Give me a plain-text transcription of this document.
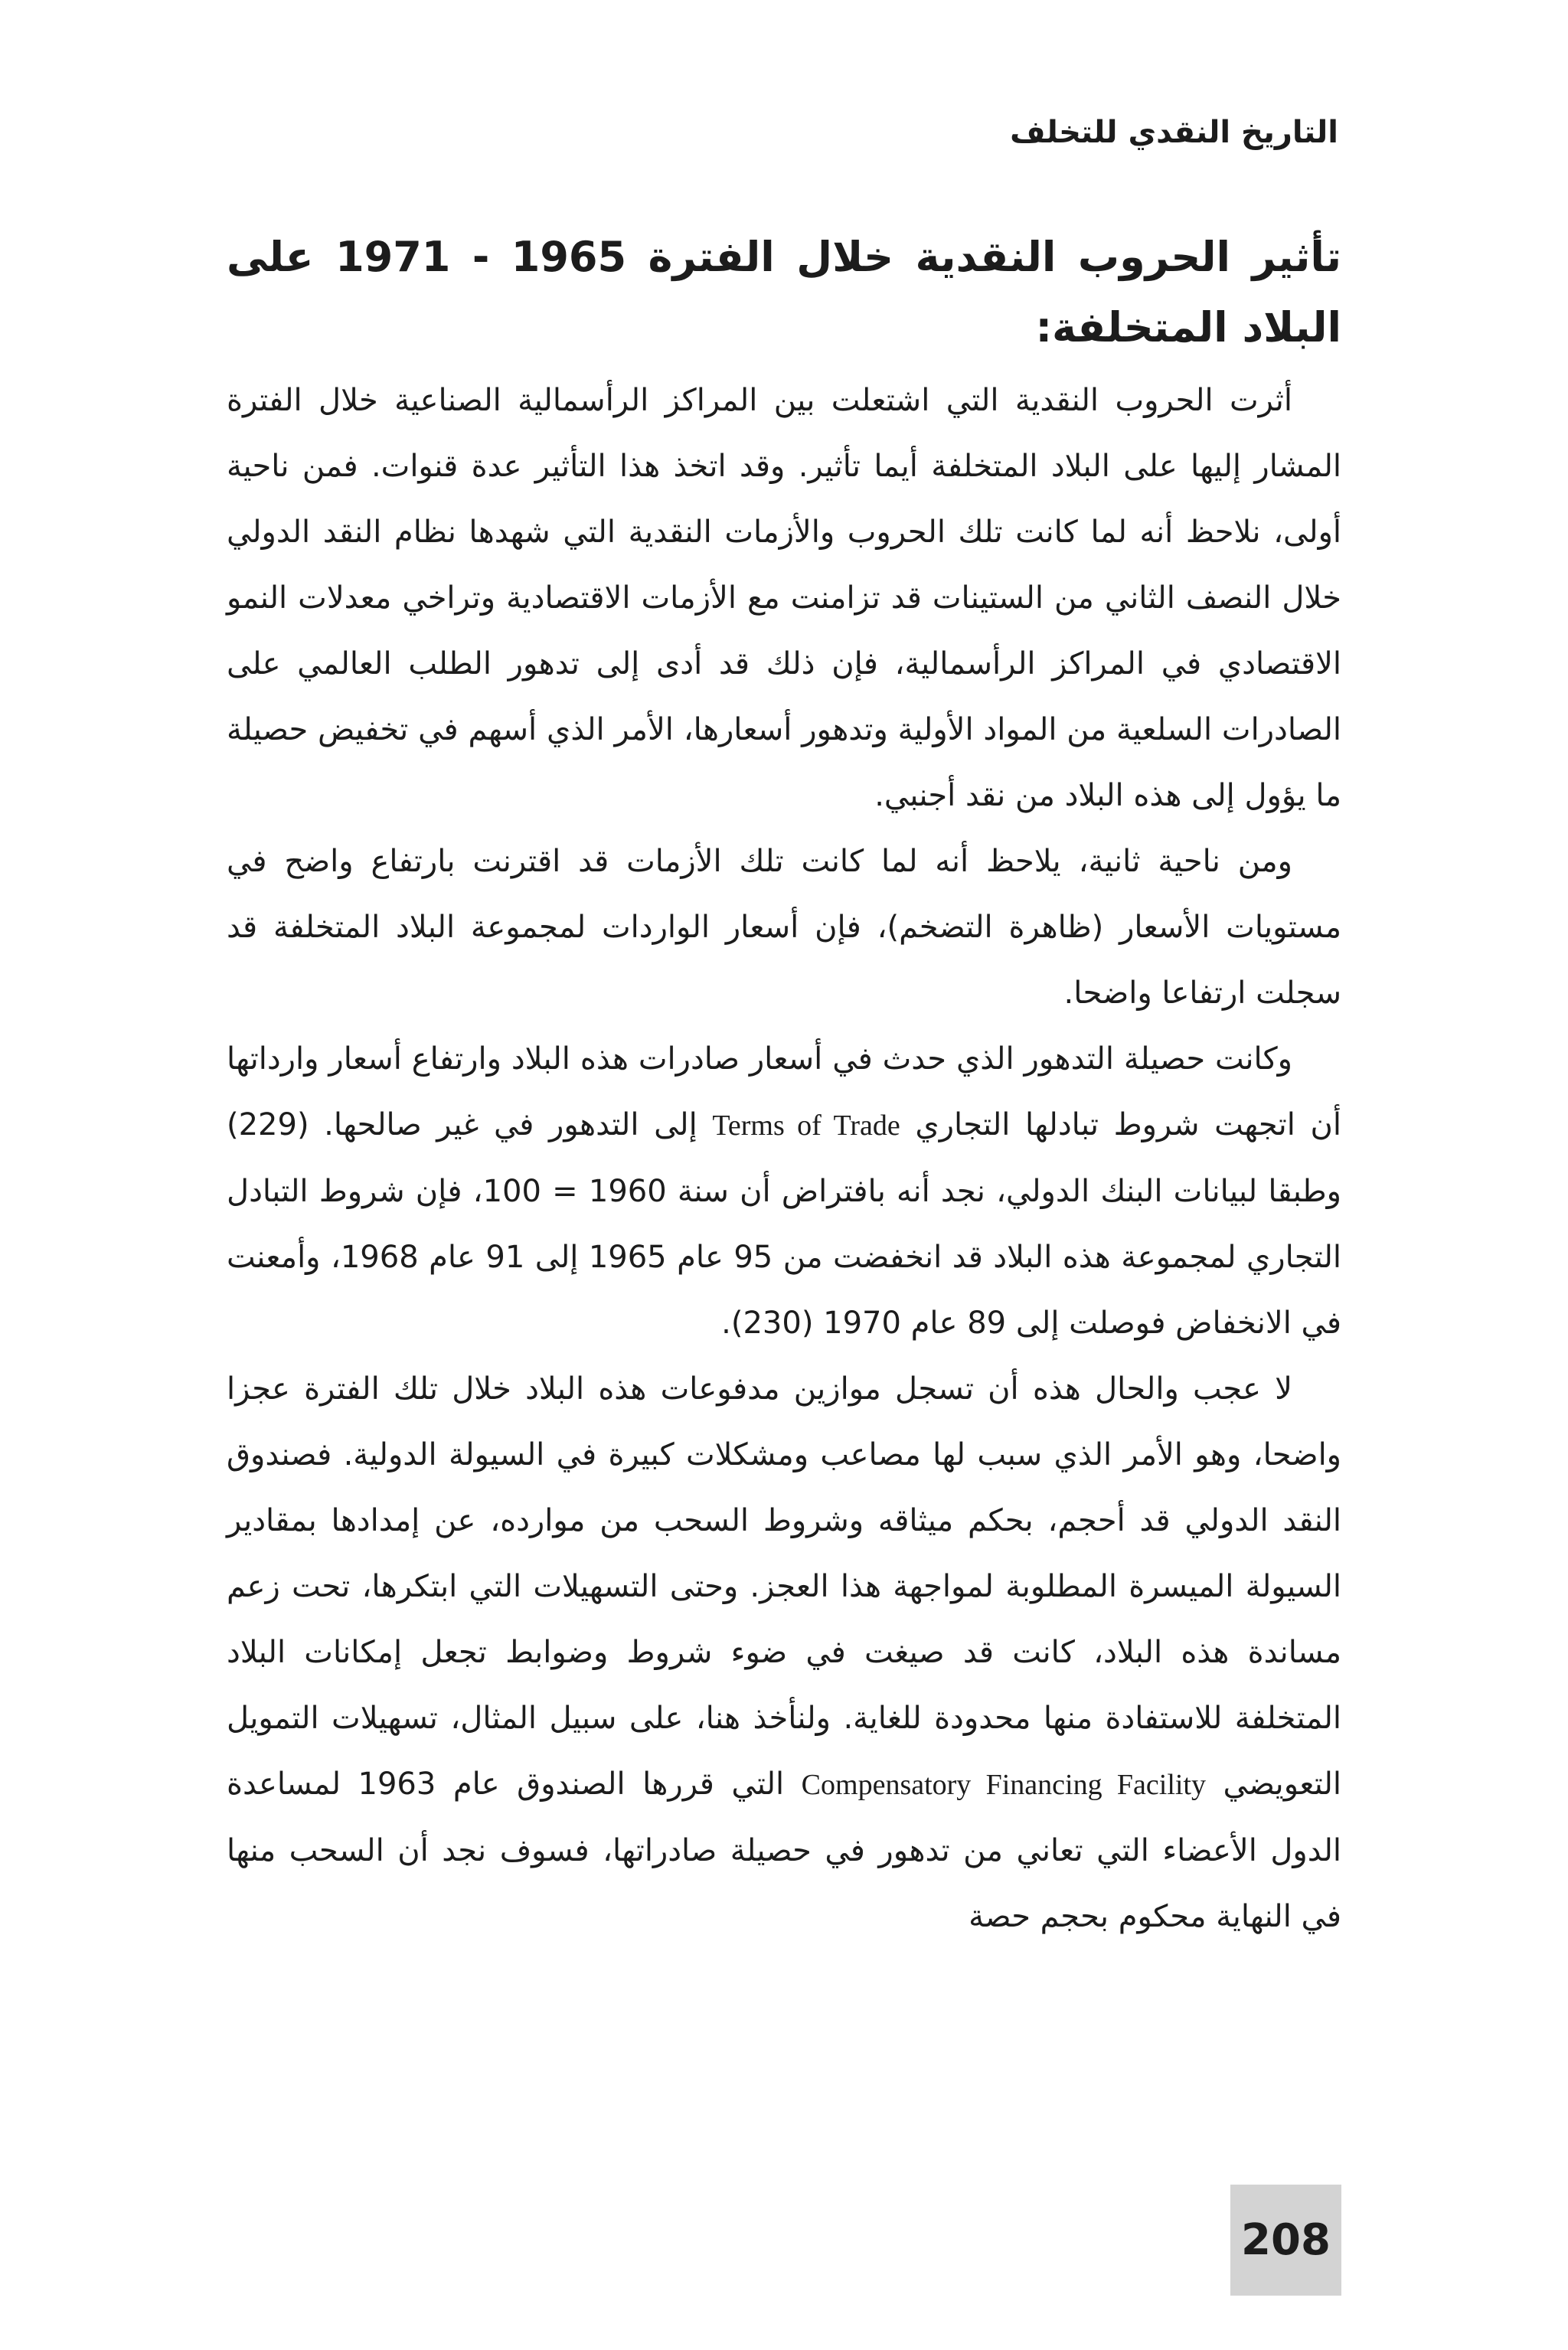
التاريخ النقدي للتخلف
تأثير الحروب النقدية خلال الفترة 1965 - 1971 على البلاد المتخلفة:

أثرت الحروب النقدية التي اشتعلت بين المراكز الرأسمالية الصناعية خلال الفترة المشار إليها على البلاد المتخلفة أيما تأثير. وقد اتخذ هذا التأثير عدة قنوات. فمن ناحية أولى، نلاحظ أنه لما كانت تلك الحروب والأزمات النقدية التي شهدها نظام النقد الدولي خلال النصف الثاني من الستينات قد تزامنت مع الأزمات الاقتصادية وتراخي معدلات النمو الاقتصادي في المراكز الرأسمالية، فإن ذلك قد أدى إلى تدهور الطلب العالمي على الصادرات السلعية من المواد الأولية وتدهور أسعارها، الأمر الذي أسهم في تخفيض حصيلة ما يؤول إلى هذه البلاد من نقد أجنبي.

ومن ناحية ثانية، يلاحظ أنه لما كانت تلك الأزمات قد اقترنت بارتفاع واضح في مستويات الأسعار (ظاهرة التضخم)، فإن أسعار الواردات لمجموعة البلاد المتخلفة قد سجلت ارتفاعا واضحا.

وكانت حصيلة التدهور الذي حدث في أسعار صادرات هذه البلاد وارتفاع أسعار وارداتها أن اتجهت شروط تبادلها التجاري Terms of Trade إلى التدهور في غير صالحها. (229) وطبقا لبيانات البنك الدولي، نجد أنه بافتراض أن سنة 1960 = 100، فإن شروط التبادل التجاري لمجموعة هذه البلاد قد انخفضت من 95 عام 1965 إلى 91 عام 1968، وأمعنت في الانخفاض فوصلت إلى 89 عام 1970 (230).

لا عجب والحال هذه أن تسجل موازين مدفوعات هذه البلاد خلال تلك الفترة عجزا واضحا، وهو الأمر الذي سبب لها مصاعب ومشكلات كبيرة في السيولة الدولية. فصندوق النقد الدولي قد أحجم، بحكم ميثاقه وشروط السحب من موارده، عن إمدادها بمقادير السيولة الميسرة المطلوبة لمواجهة هذا العجز. وحتى التسهيلات التي ابتكرها، تحت زعم مساندة هذه البلاد، كانت قد صيغت في ضوء شروط وضوابط تجعل إمكانات البلاد المتخلفة للاستفادة منها محدودة للغاية. ولنأخذ هنا، على سبيل المثال، تسهيلات التمويل التعويضي Compensatory Financing Facility التي قررها الصندوق عام 1963 لمساعدة الدول الأعضاء التي تعاني من تدهور في حصيلة صادراتها، فسوف نجد أن السحب منها في النهاية محكوم بحجم حصة

208
